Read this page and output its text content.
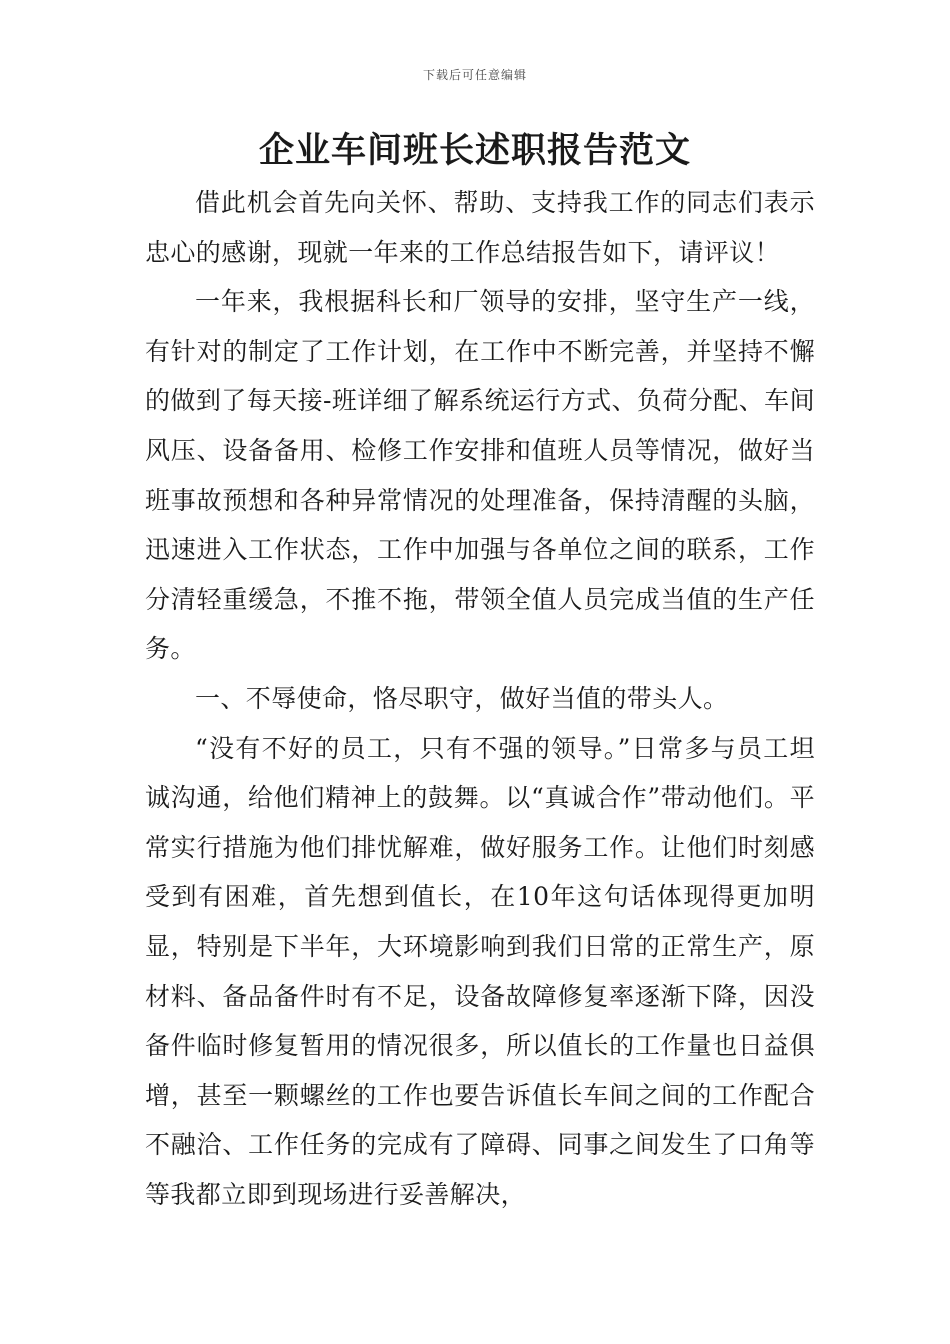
下载后可任意编辑
企业车间班长述职报告范文

借此机会首先向关怀、帮助、支持我工作的同志们表示忠心的感谢，现就一年来的工作总结报告如下，请评议！

一年来，我根据科长和厂领导的安排，坚守生产一线，有针对的制定了工作计划，在工作中不断完善，并坚持不懈的做到了每天接-班详细了解系统运行方式、负荷分配、车间风压、设备备用、检修工作安排和值班人员等情况，做好当班事故预想和各种异常情况的处理准备，保持清醒的头脑，迅速进入工作状态，工作中加强与各单位之间的联系，工作分清轻重缓急，不推不拖，带领全值人员完成当值的生产任务。

一、不辱使命，恪尽职守，做好当值的带头人。

“没有不好的员工，只有不强的领导。”日常多与员工坦诚沟通，给他们精神上的鼓舞。以“真诚合作”带动他们。平常实行措施为他们排忧解难，做好服务工作。让他们时刻感受到有困难，首先想到值长，在10年这句话体现得更加明显，特别是下半年，大环境影响到我们日常的正常生产，原材料、备品备件时有不足，设备故障修复率逐渐下降，因没备件临时修复暂用的情况很多，所以值长的工作量也日益俱增，甚至一颗螺丝的工作也要告诉值长车间之间的工作配合不融洽、工作任务的完成有了障碍、同事之间发生了口角等等我都立即到现场进行妥善解决，
